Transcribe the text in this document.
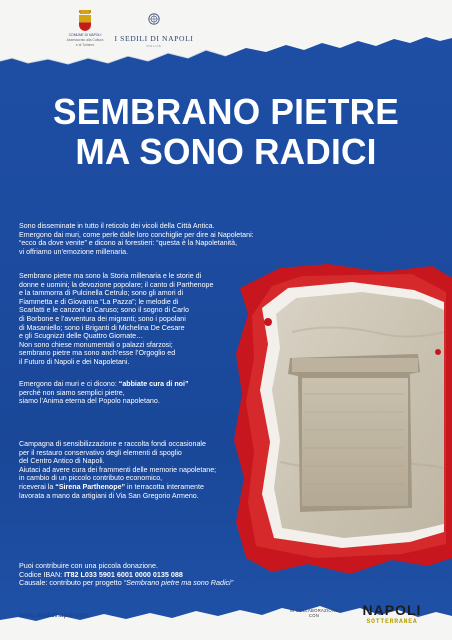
COMUNE DI NAPOLI
Assessorato alla Cultura
e al Turismo
I SEDILI DI NAPOLI
ONLUS
SEMBRANO PIETRE
MA SONO RADICI

Sono disseminate in tutto il reticolo dei vicoli della Città Antica.

Emergono dai muri, come perle dalle loro conchiglie per dire ai Napoletani:

“ecco da dove venite” e dicono ai forestieri: “questa è la Napoletanità,

vi offriamo un’emozione millenaria.

Sembrano pietre ma sono la Storia millenaria e le storie di

donne e uomini; la devozione popolare; il canto di Parthenope

e la tammorra di Pulcinella Cetrulo; sono gli amori di

Fiammetta e di Giovanna “La Pazza”; le melodie di

Scarlatti e le canzoni di Caruso; sono il sogno di Carlo

di Borbone e l’avventura dei migranti; sono i popolani

di Masaniello; sono i Briganti di Michelina De Cesare

e gli Scugnizzi delle Quattro Giornate…

Non sono chiese monumentali o palazzi sfarzosi;

sembrano pietre ma sono anch’esse l’Orgoglio ed

il Futuro di Napoli e dei Napoletani.

Emergono dai muri e ci dicono: “abbiate cura di noi”

perché non siamo semplici pietre,

siamo l’Anima eterna del Popolo napoletano.

Campagna di sensibilizzazione e raccolta fondi occasionale

per il restauro conservativo degli elementi di spoglio

del Centro Antico di Napoli.

Aiutaci ad avere cura dei frammenti delle memorie napoletane;

in cambio di un piccolo contributo economico,

riceverai la “Sirena Parthenope” in terracotta interamente

lavorata a mano da artigiani di Via San Gregorio Armeno.

Puoi contribuire con una piccola donazione.

Codice IBAN: IT82 L033 5901 6001 0000 0135 088

Causale: contributo per progetto “Sembrano pietre ma sono Radici”

www.sedilidinapoli.com
IN COLLABORAZIONE
CON	NAPOLI
SOTTERRANEA
